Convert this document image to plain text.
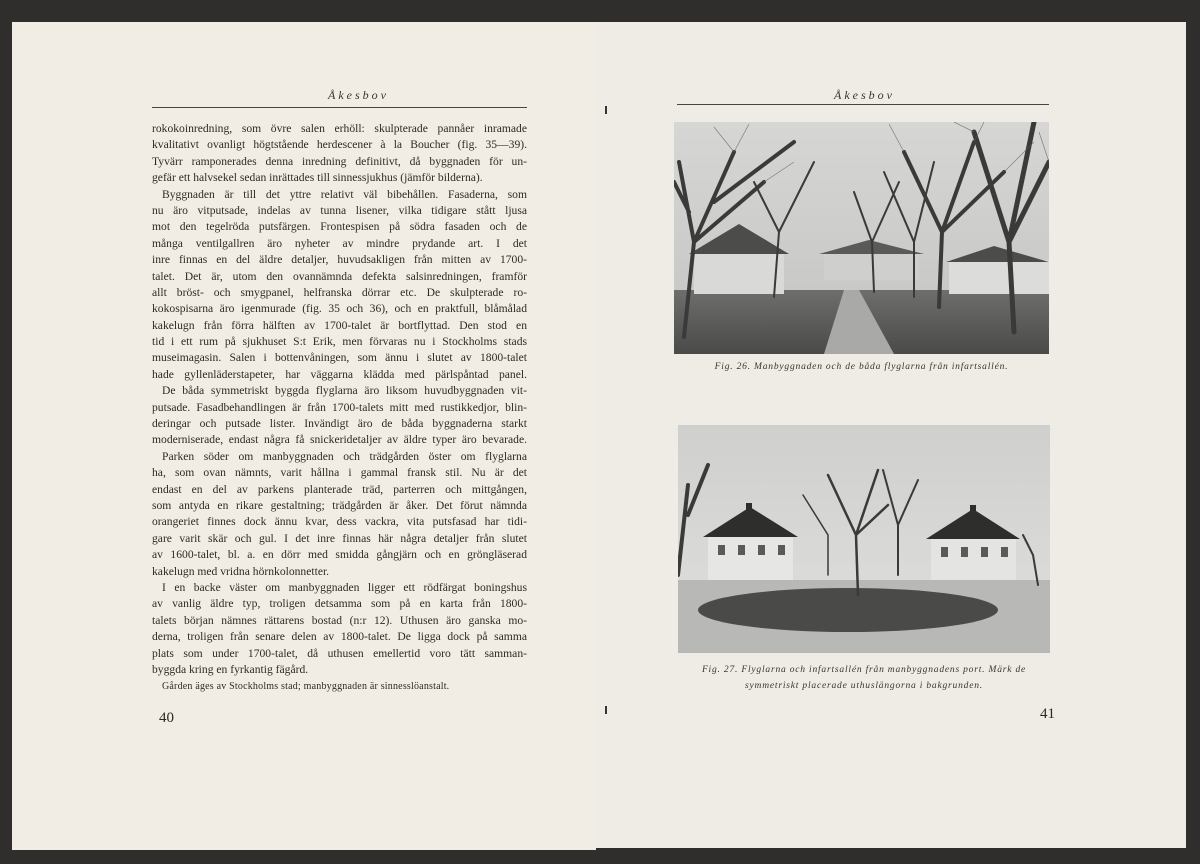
Åkesbov
rokokoinredning, som övre salen erhöll: skulpterade pannåer inramade
kvalitativt ovanligt högtstående herdescener à la Boucher (fig. 35—39).
Tyvärr ramponerades denna inredning definitivt, då byggnaden för un-
gefär ett halvsekel sedan inrättades till sinnessjukhus (jämför bilderna).
Byggnaden är till det yttre relativt väl bibehållen. Fasaderna, som
nu äro vitputsade, indelas av tunna lisener, vilka tidigare stått ljusa
mot den tegelröda putsfärgen. Frontespisen på södra fasaden och de
många ventilgallren äro nyheter av mindre prydande art. I det
inre finnas en del äldre detaljer, huvudsakligen från mitten av 1700-
talet. Det är, utom den ovannämnda defekta salsinredningen, framför
allt bröst- och smygpanel, helfranska dörrar etc. De skulpterade ro-
kokospisarna äro igenmurade (fig. 35 och 36), och en praktfull, blåmålad
kakelugn från förra hälften av 1700-talet är bortflyttad. Den stod en
tid i ett rum på sjukhuset S:t Erik, men förvaras nu i Stockholms stads
museimagasin. Salen i bottenvåningen, som ännu i slutet av 1800-talet
hade gyllenläderstapeter, har väggarna klädda med pärlspåntad panel.
De båda symmetriskt byggda flyglarna äro liksom huvudbyggnaden vit-
putsade. Fasadbehandlingen är från 1700-talets mitt med rustikkedjor, blin-
deringar och putsade lister. Invändigt äro de båda byggnaderna starkt
moderniserade, endast några få snickeridetaljer av äldre typer äro bevarade.
Parken söder om manbyggnaden och trädgården öster om flyglarna
ha, som ovan nämnts, varit hållna i gammal fransk stil. Nu är det
endast en del av parkens planterade träd, parterren och mittgången,
som antyda en rikare gestaltning; trädgården är åker. Det förut nämnda
orangeriet finnes dock ännu kvar, dess vackra, vita putsfasad har tidi-
gare varit skär och gul. I det inre finnas här några detaljer från slutet
av 1600-talet, bl. a. en dörr med smidda gångjärn och en gröngläserad
kakelugn med vridna hörnkolonnetter.
I en backe väster om manbyggnaden ligger ett rödfärgat boningshus
av vanlig äldre typ, troligen detsamma som på en karta från 1800-
talets början nämnes rättarens bostad (n:r 12). Uthusen äro ganska mo-
derna, troligen från senare delen av 1800-talet. De ligga dock på samma
plats som under 1700-talet, då uthusen emellertid voro tätt samman-
byggda kring en fyrkantig fägård.
Gården äges av Stockholms stad; manbyggnaden är sinnesslöanstalt.
40
Åkesbov
Fig. 26. Manbyggnaden och de båda flyglarna från infartsallén.
Fig. 27. Flyglarna och infartsallén från manbyggnadens port. Märk de symmetriskt placerade uthuslängorna i bakgrunden.
41
